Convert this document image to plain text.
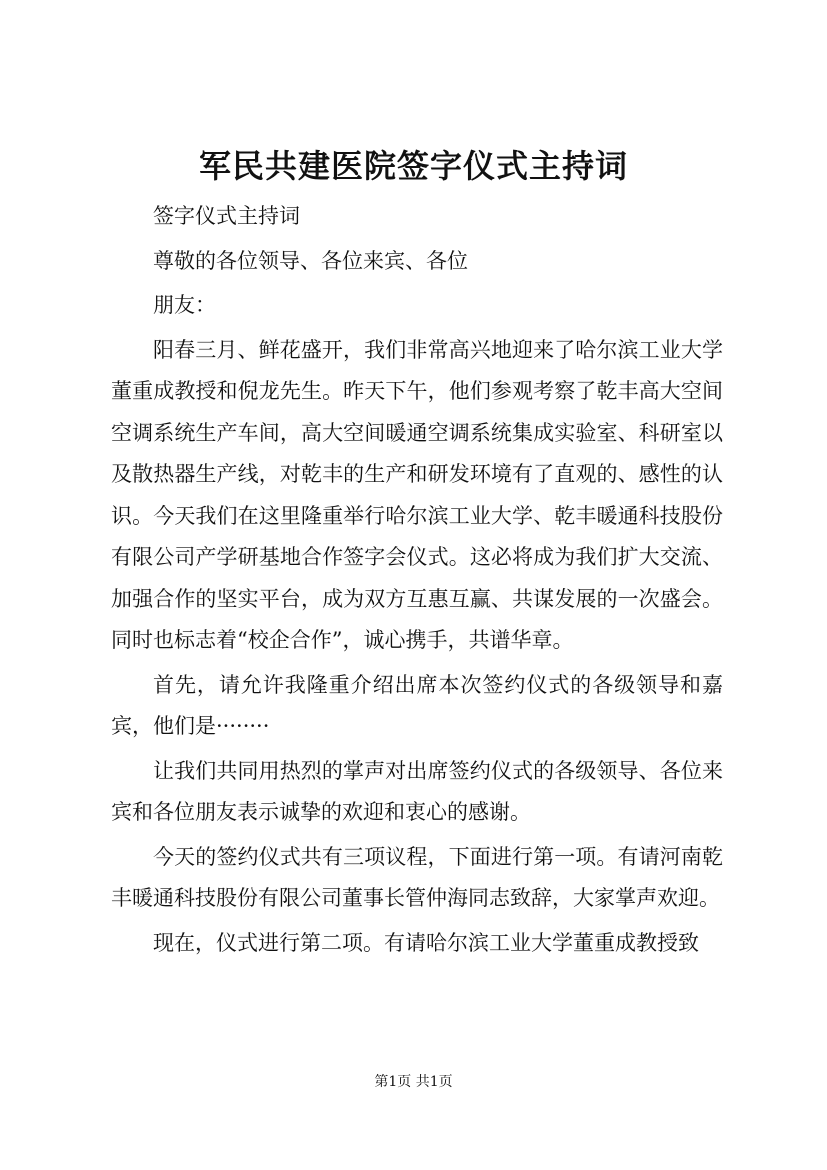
军民共建医院签字仪式主持词

签字仪式主持词

尊敬的各位领导、各位来宾、各位

朋友：

阳春三月、鲜花盛开，我们非常高兴地迎来了哈尔滨工业大学董重成教授和倪龙先生。昨天下午，他们参观考察了乾丰高大空间空调系统生产车间，高大空间暖通空调系统集成实验室、科研室以及散热器生产线，对乾丰的生产和研发环境有了直观的、感性的认识。今天我们在这里隆重举行哈尔滨工业大学、乾丰暖通科技股份有限公司产学研基地合作签字会仪式。这必将成为我们扩大交流、加强合作的坚实平台，成为双方互惠互赢、共谋发展的一次盛会。同时也标志着“校企合作”，诚心携手，共谱华章。

首先，请允许我隆重介绍出席本次签约仪式的各级领导和嘉宾，他们是········

让我们共同用热烈的掌声对出席签约仪式的各级领导、各位来宾和各位朋友表示诚挚的欢迎和衷心的感谢。

今天的签约仪式共有三项议程，下面进行第一项。有请河南乾丰暖通科技股份有限公司董事长管仲海同志致辞，大家掌声欢迎。

现在，仪式进行第二项。有请哈尔滨工业大学董重成教授致

第1页 共1页
